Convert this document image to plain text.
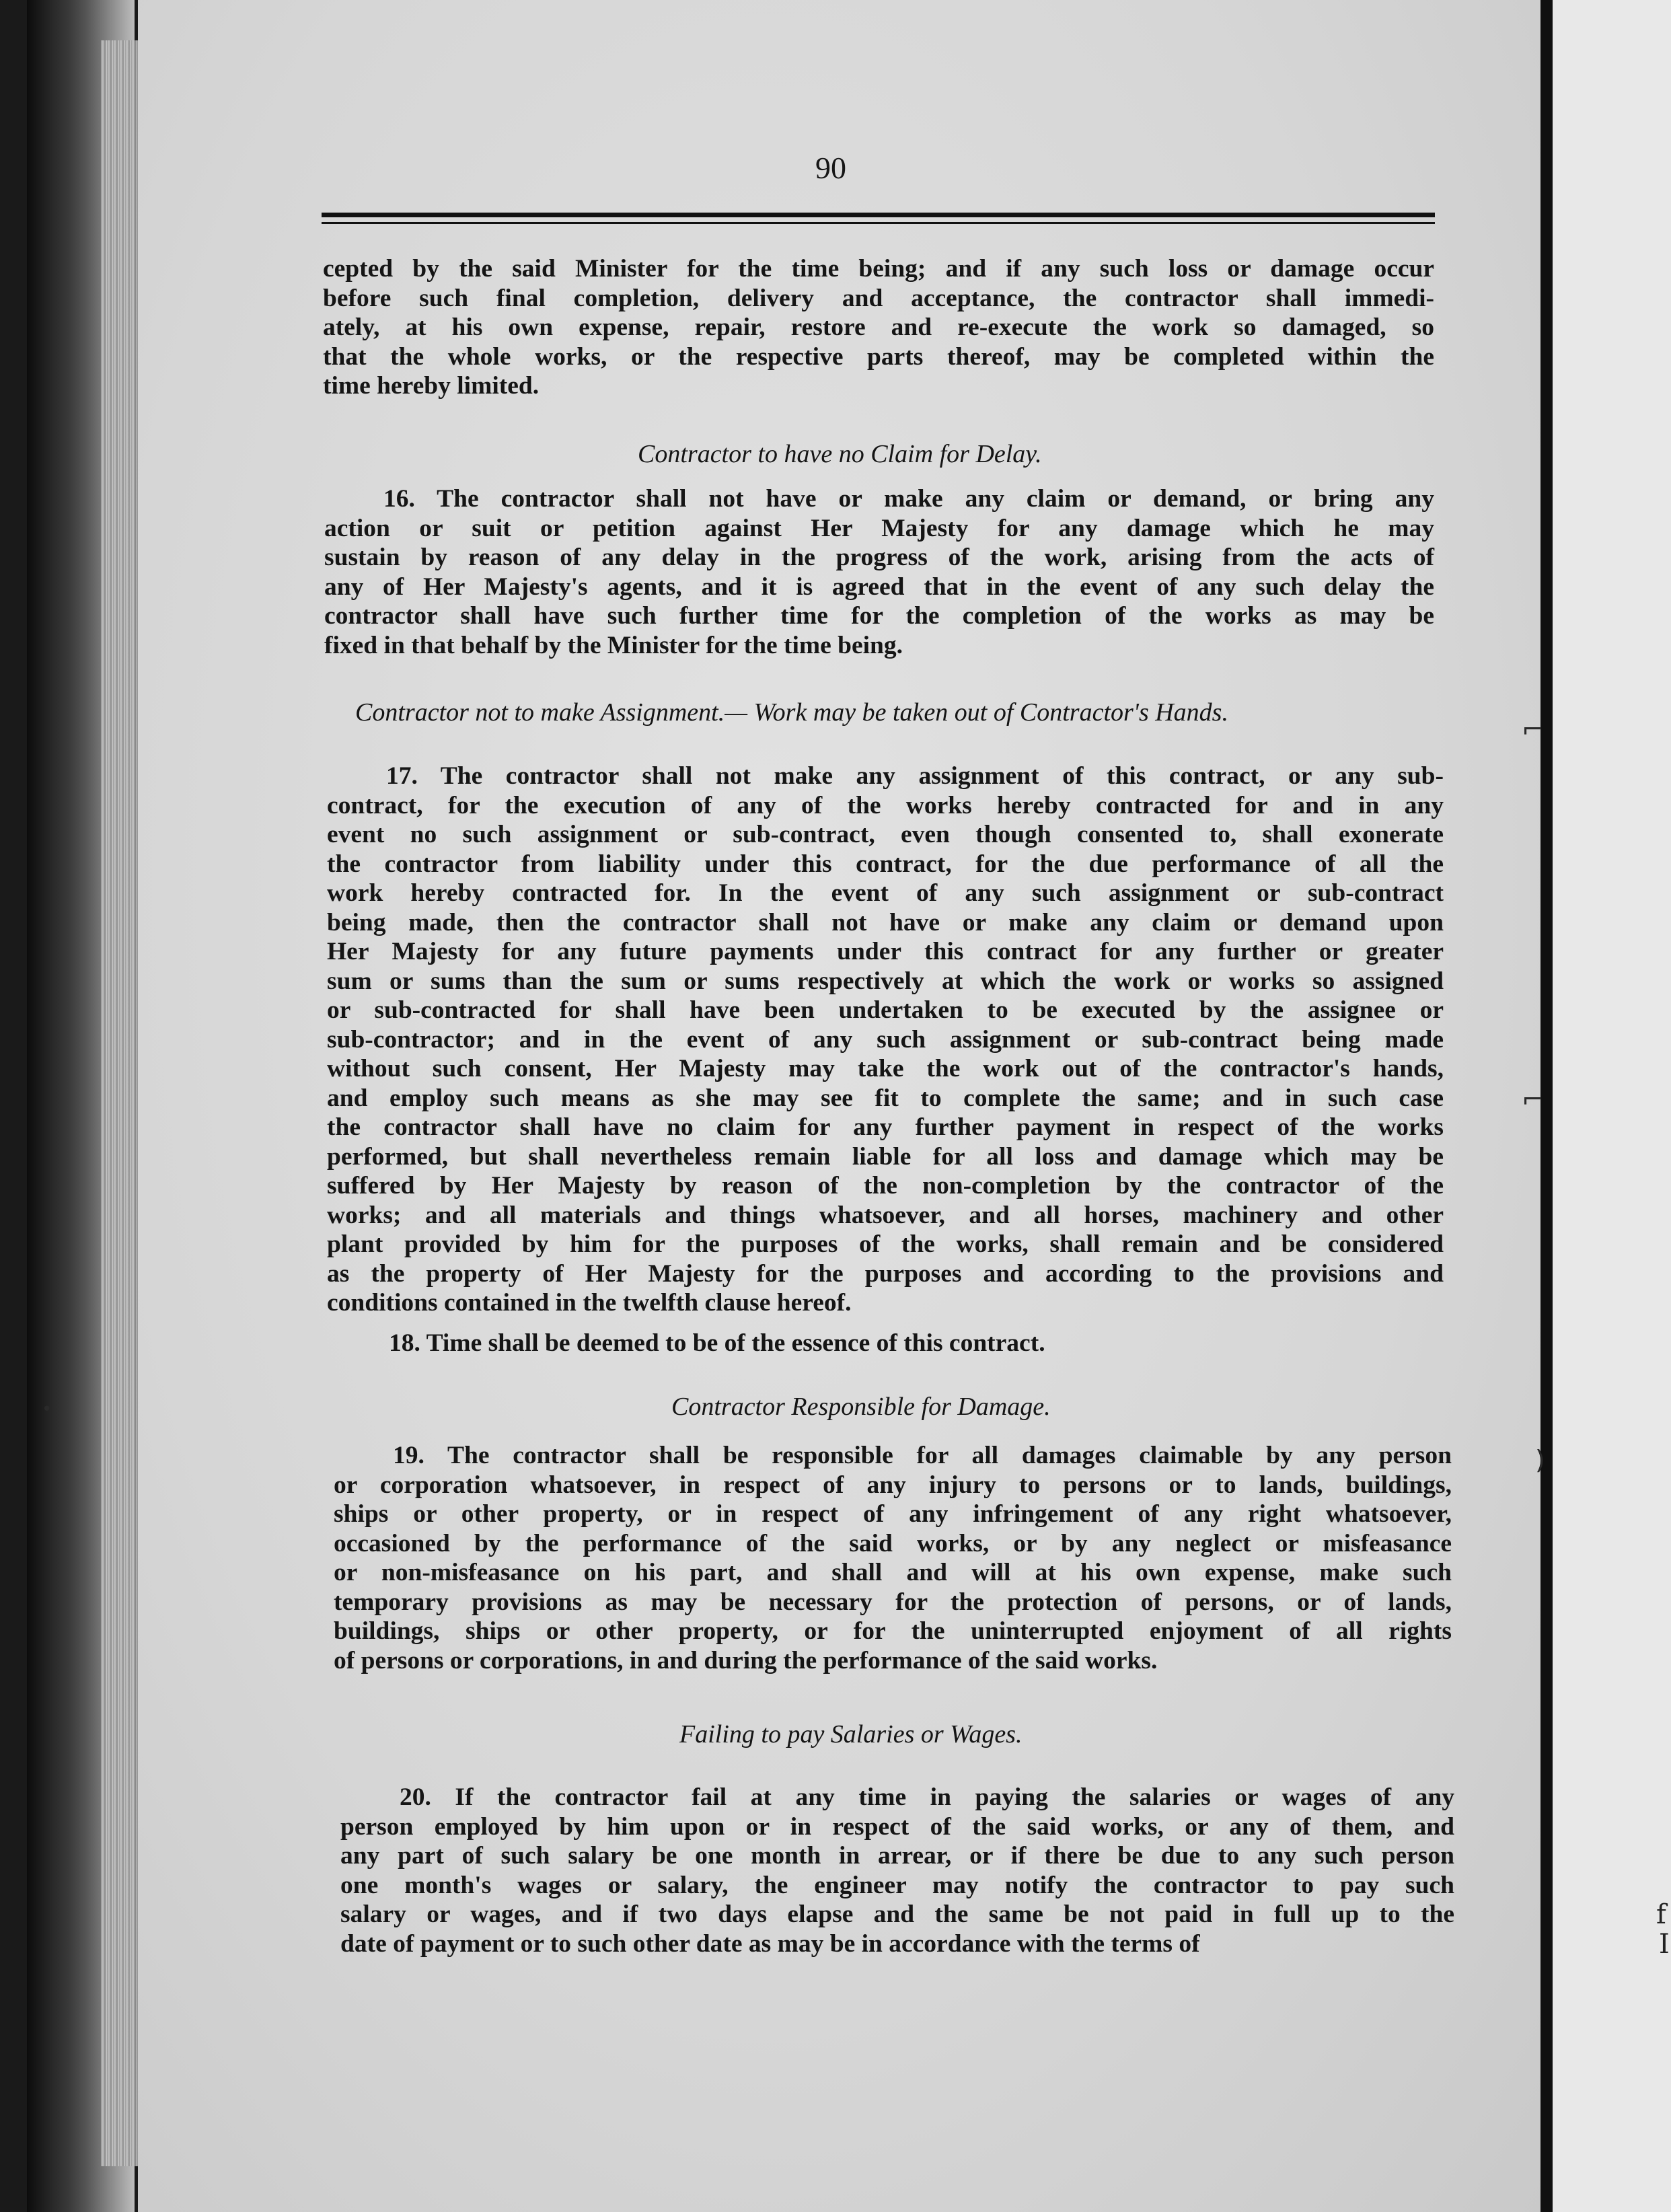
⌐
⌐
)
•
f
I
90
cepted by the said Minister for the time being; and if any such loss or damage occur
before such final completion, delivery and acceptance, the contractor shall immedi-
ately, at his own expense, repair, restore and re-execute the work so damaged, so
that the whole works, or the respective parts thereof, may be completed within the
time hereby limited.
Contractor to have no Claim for Delay.
16. The contractor shall not have or make any claim or demand, or bring any
action or suit or petition against Her Majesty for any damage which he may
sustain by reason of any delay in the progress of the work, arising from the acts of
any of Her Majesty's agents, and it is agreed that in the event of any such delay the
contractor shall have such further time for the completion of the works as may be
fixed in that behalf by the Minister for the time being.
Contractor not to make Assignment.— Work may be taken out of Contractor's Hands.
17. The contractor shall not make any assignment of this contract, or any sub-
contract, for the execution of any of the works hereby contracted for and in any
event no such assignment or sub-contract, even though consented to, shall exonerate
the contractor from liability under this contract, for the due performance of all the
work hereby contracted for. In the event of any such assignment or sub-contract
being made, then the contractor shall not have or make any claim or demand upon
Her Majesty for any future payments under this contract for any further or greater
sum or sums than the sum or sums respectively at which the work or works so assigned
or sub-contracted for shall have been undertaken to be executed by the assignee or
sub-contractor; and in the event of any such assignment or sub-contract being made
without such consent, Her Majesty may take the work out of the contractor's hands,
and employ such means as she may see fit to complete the same; and in such case
the contractor shall have no claim for any further payment in respect of the works
performed, but shall nevertheless remain liable for all loss and damage which may be
suffered by Her Majesty by reason of the non-completion by the contractor of the
works; and all materials and things whatsoever, and all horses, machinery and other
plant provided by him for the purposes of the works, shall remain and be considered
as the property of Her Majesty for the purposes and according to the provisions and
conditions contained in the twelfth clause hereof.
18. Time shall be deemed to be of the essence of this contract.
Contractor Responsible for Damage.
19. The contractor shall be responsible for all damages claimable by any person
or corporation whatsoever, in respect of any injury to persons or to lands, buildings,
ships or other property, or in respect of any infringement of any right whatsoever,
occasioned by the performance of the said works, or by any neglect or misfeasance
or non-misfeasance on his part, and shall and will at his own expense, make such
temporary provisions as may be necessary for the protection of persons, or of lands,
buildings, ships or other property, or for the uninterrupted enjoyment of all rights
of persons or corporations, in and during the performance of the said works.
Failing to pay Salaries or Wages.
20. If the contractor fail at any time in paying the salaries or wages of any
person employed by him upon or in respect of the said works, or any of them, and
any part of such salary be one month in arrear, or if there be due to any such person
one month's wages or salary, the engineer may notify the contractor to pay such
salary or wages, and if two days elapse and the same be not paid in full up to the
date of payment or to such other date as may be in accordance with the terms of
